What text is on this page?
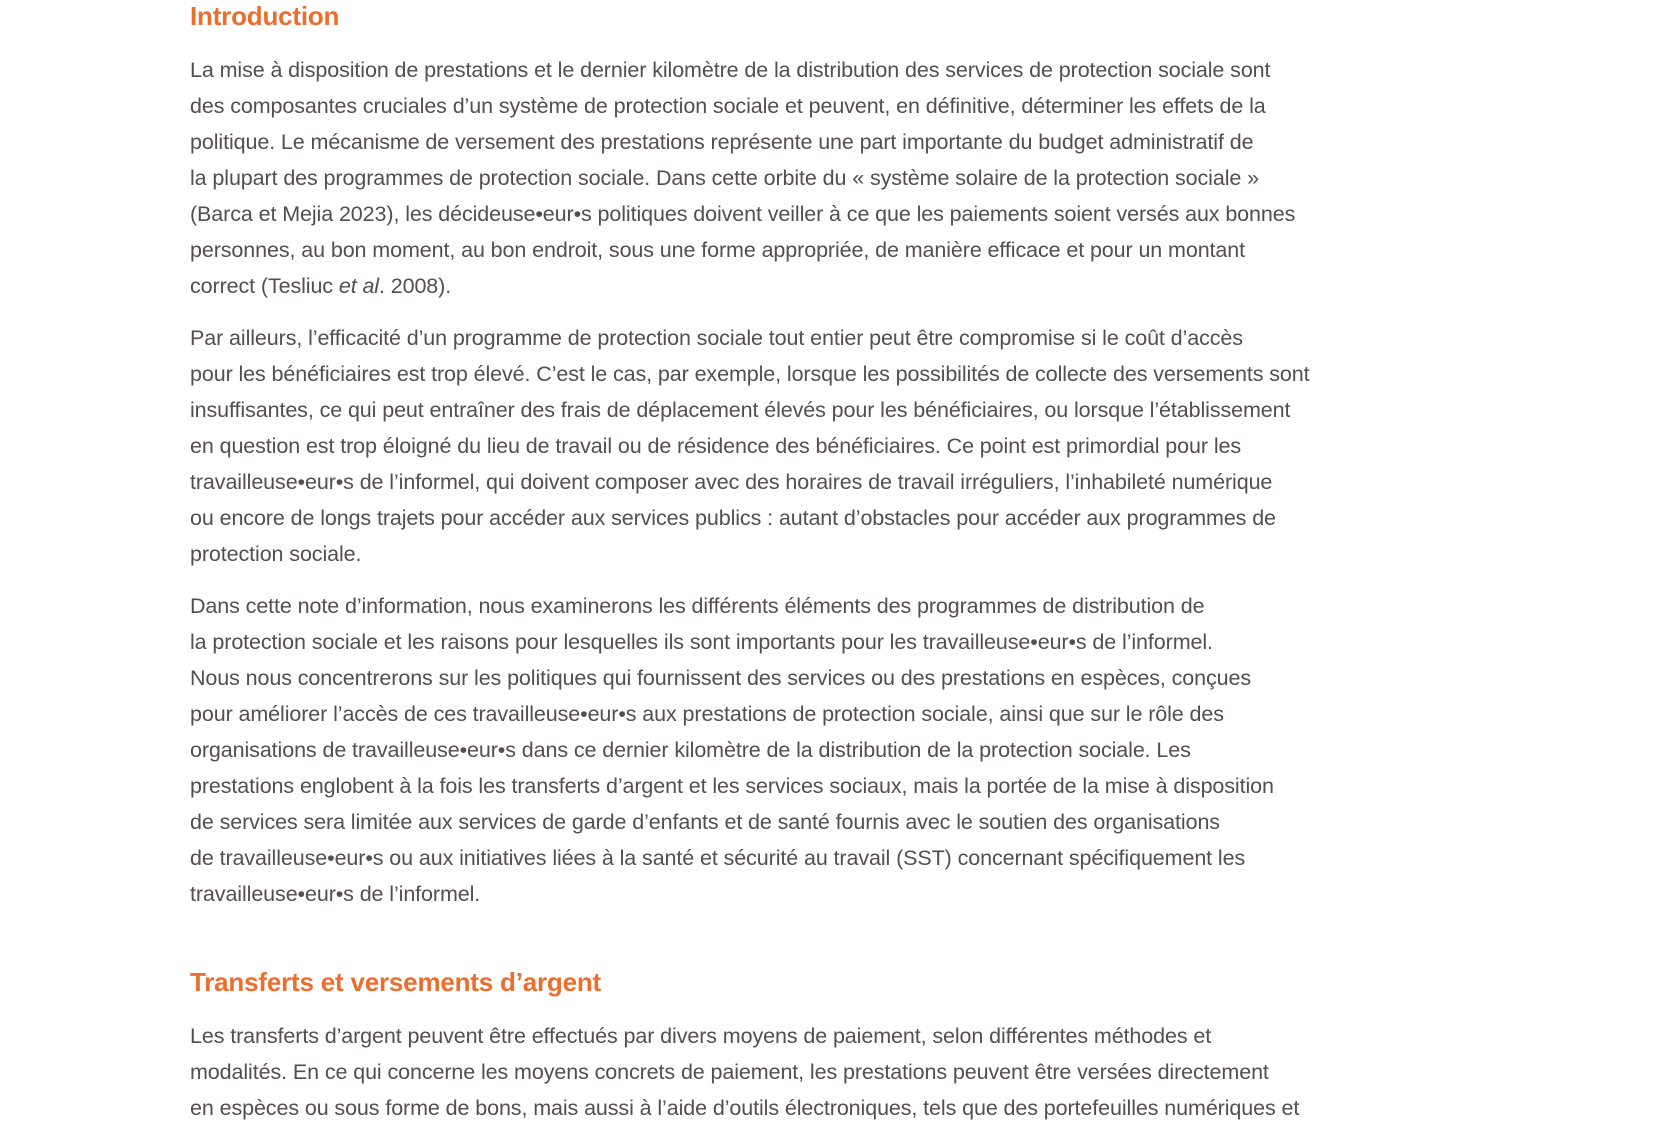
Introduction

La mise à disposition de prestations et le dernier kilomètre de la distribution des services de protection sociale sont
des composantes cruciales d’un système de protection sociale et peuvent, en définitive, déterminer les effets de la
politique. Le mécanisme de versement des prestations représente une part importante du budget administratif de
la plupart des programmes de protection sociale. Dans cette orbite du « système solaire de la protection sociale »
(Barca et Mejia 2023), les décideuse•eur•s politiques doivent veiller à ce que les paiements soient versés aux bonnes
personnes, au bon moment, au bon endroit, sous une forme appropriée, de manière efficace et pour un montant
correct (Tesliuc et al. 2008).

Par ailleurs, l’efficacité d’un programme de protection sociale tout entier peut être compromise si le coût d’accès
pour les bénéficiaires est trop élevé. C’est le cas, par exemple, lorsque les possibilités de collecte des versements sont
insuffisantes, ce qui peut entraîner des frais de déplacement élevés pour les bénéficiaires, ou lorsque l’établissement
en question est trop éloigné du lieu de travail ou de résidence des bénéficiaires. Ce point est primordial pour les
travailleuse•eur•s de l’informel, qui doivent composer avec des horaires de travail irréguliers, l’inhabileté numérique
ou encore de longs trajets pour accéder aux services publics : autant d’obstacles pour accéder aux programmes de
protection sociale.

Dans cette note d’information, nous examinerons les différents éléments des programmes de distribution de
la protection sociale et les raisons pour lesquelles ils sont importants pour les travailleuse•eur•s de l’informel.
Nous nous concentrerons sur les politiques qui fournissent des services ou des prestations en espèces, conçues
pour améliorer l’accès de ces travailleuse•eur•s aux prestations de protection sociale, ainsi que sur le rôle des
organisations de travailleuse•eur•s dans ce dernier kilomètre de la distribution de la protection sociale. Les
prestations englobent à la fois les transferts d’argent et les services sociaux, mais la portée de la mise à disposition
de services sera limitée aux services de garde d’enfants et de santé fournis avec le soutien des organisations
de travailleuse•eur•s ou aux initiatives liées à la santé et sécurité au travail (SST) concernant spécifiquement les
travailleuse•eur•s de l’informel.

Transferts et versements d’argent

Les transferts d’argent peuvent être effectués par divers moyens de paiement, selon différentes méthodes et
modalités. En ce qui concerne les moyens concrets de paiement, les prestations peuvent être versées directement
en espèces ou sous forme de bons, mais aussi à l’aide d’outils électroniques, tels que des portefeuilles numériques et
